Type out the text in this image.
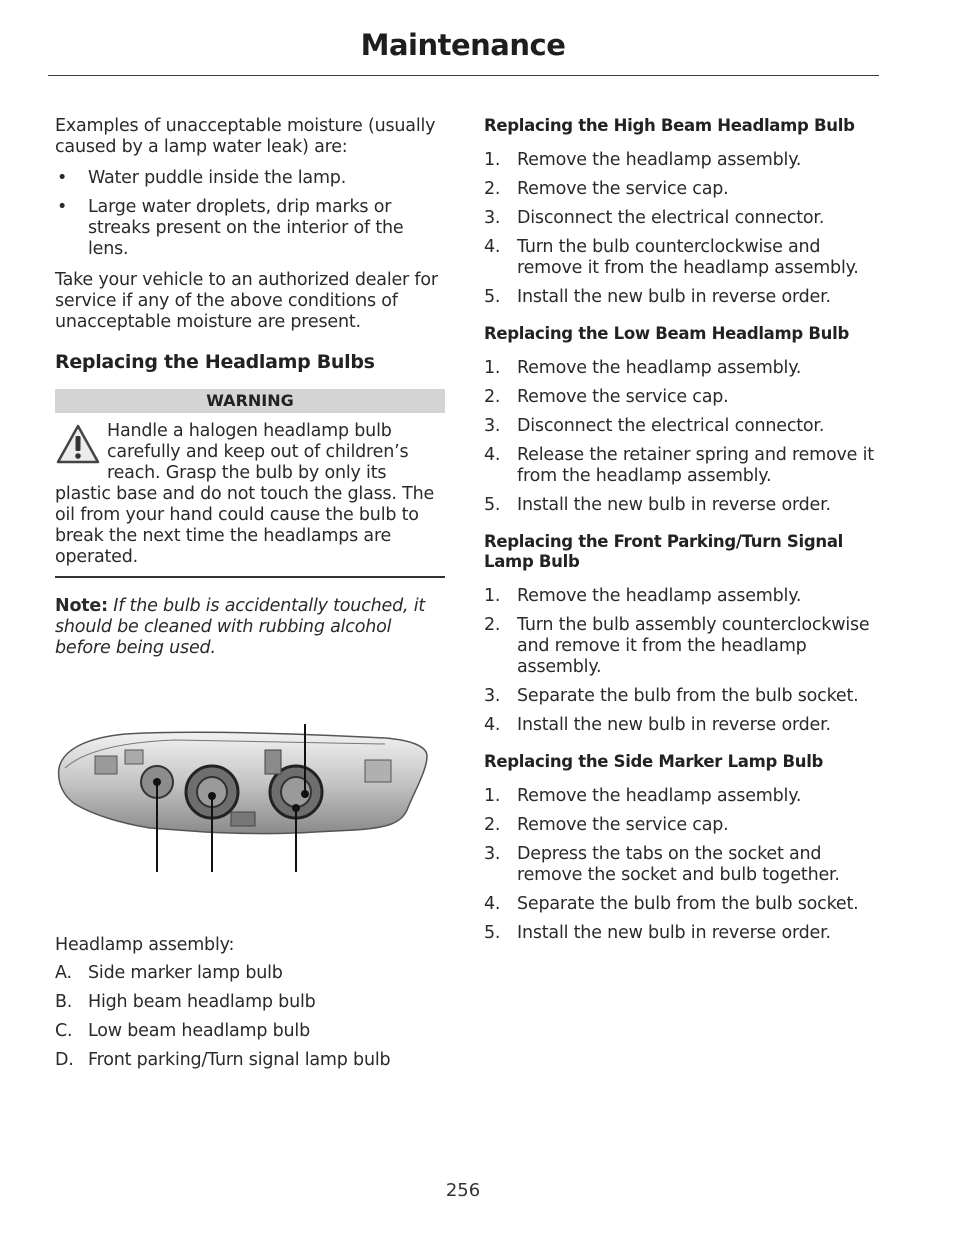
Maintenance

Examples of unacceptable moisture (usually caused by a lamp water leak) are:

• Water puddle inside the lamp.
• Large water droplets, drip marks or streaks present on the interior of the lens.

Take your vehicle to an authorized dealer for service if any of the above conditions of unacceptable moisture are present.

Replacing the Headlamp Bulbs
WARNING
Handle a halogen headlamp bulb carefully and keep out of children’s reach. Grasp the bulb by only its plastic base and do not touch the glass. The oil from your hand could cause the bulb to break the next time the headlamps are operated.
Note: If the bulb is accidentally touched, it should be cleaned with rubbing alcohol before being used.

Headlamp assembly:

A. Side marker lamp bulb
B. High beam headlamp bulb
C. Low beam headlamp bulb
D. Front parking/Turn signal lamp bulb
Replacing the High Beam Headlamp Bulb
1. Remove the headlamp assembly.
2. Remove the service cap.
3. Disconnect the electrical connector.
4. Turn the bulb counterclockwise and remove it from the headlamp assembly.
5. Install the new bulb in reverse order.
Replacing the Low Beam Headlamp Bulb
1. Remove the headlamp assembly.
2. Remove the service cap.
3. Disconnect the electrical connector.
4. Release the retainer spring and remove it from the headlamp assembly.
5. Install the new bulb in reverse order.
Replacing the Front Parking/Turn Signal Lamp Bulb
1. Remove the headlamp assembly.
2. Turn the bulb assembly counterclockwise and remove it from the headlamp assembly.
3. Separate the bulb from the bulb socket.
4. Install the new bulb in reverse order.
Replacing the Side Marker Lamp Bulb
1. Remove the headlamp assembly.
2. Remove the service cap.
3. Depress the tabs on the socket and remove the socket and bulb together.
4. Separate the bulb from the bulb socket.
5. Install the new bulb in reverse order.
256
